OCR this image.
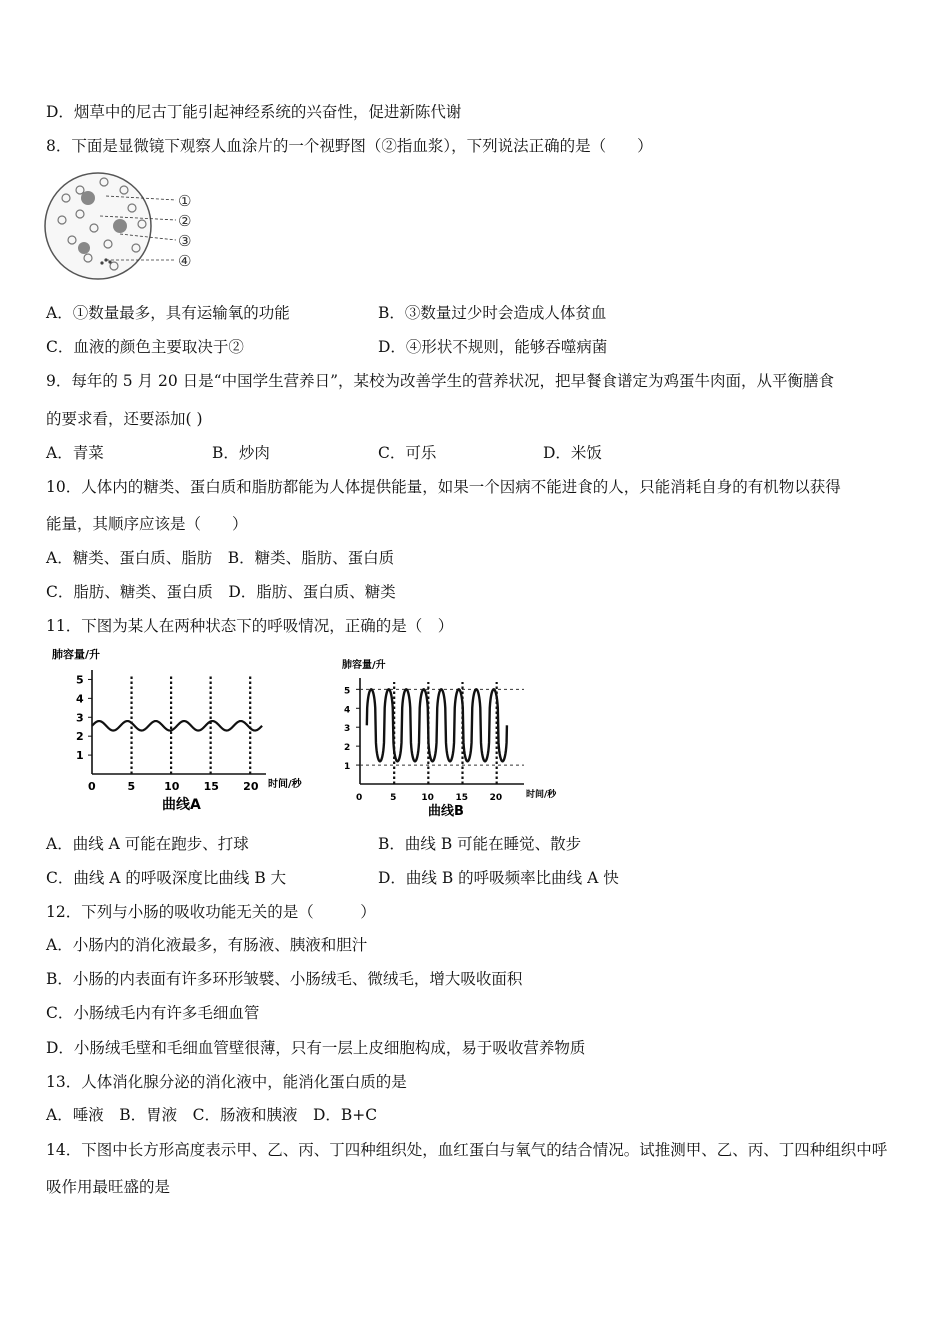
D．烟草中的尼古丁能引起神经系统的兴奋性，促进新陈代谢
8．下面是显微镜下观察人血涂片的一个视野图（②指血浆），下列说法正确的是（　　）
①
②
③
④
A．①数量最多，具有运输氧的功能	B．③数量过少时会造成人体贫血
C．血液的颜色主要取决于②	D．④形状不规则，能够吞噬病菌
9．每年的 5 月 20 日是“中国学生营养日”，某校为改善学生的营养状况，把早餐食谱定为鸡蛋牛肉面，从平衡膳食
的要求看，还要添加( )
A．青菜	B．炒肉	C．可乐	D．米饭
10．人体内的糖类、蛋白质和脂肪都能为人体提供能量，如果一个因病不能进食的人，只能消耗自身的有机物以获得
能量，其顺序应该是（　　）
A．糖类、蛋白质、脂肪　B．糖类、脂肪、蛋白质
C．脂肪、糖类、蛋白质　D．脂肪、蛋白质、糖类
11．下图为某人在两种状态下的呼吸情况，正确的是（　）
肺容量/升
时间/秒
曲线A
1
2
3
4
5
0	5	10 15 20
肺容量/升
时间/秒
曲线B
1
2
3
4
5
0	5	10 15 20
A．曲线 A 可能在跑步、打球	B．曲线 B 可能在睡觉、散步
C．曲线 A 的呼吸深度比曲线 B 大	D．曲线 B 的呼吸频率比曲线 A 快
12．下列与小肠的吸收功能无关的是（　　　）
A．小肠内的消化液最多，有肠液、胰液和胆汁
B．小肠的内表面有许多环形皱襞、小肠绒毛、微绒毛，增大吸收面积
C．小肠绒毛内有许多毛细血管
D．小肠绒毛壁和毛细血管壁很薄，只有一层上皮细胞构成，易于吸收营养物质
13．人体消化腺分泌的消化液中，能消化蛋白质的是
A．唾液　B．胃液　C．肠液和胰液　D．B+C
14．下图中长方形高度表示甲、乙、丙、丁四种组织处，血红蛋白与氧气的结合情况。试推测甲、乙、丙、丁四种组织中呼
吸作用最旺盛的是
